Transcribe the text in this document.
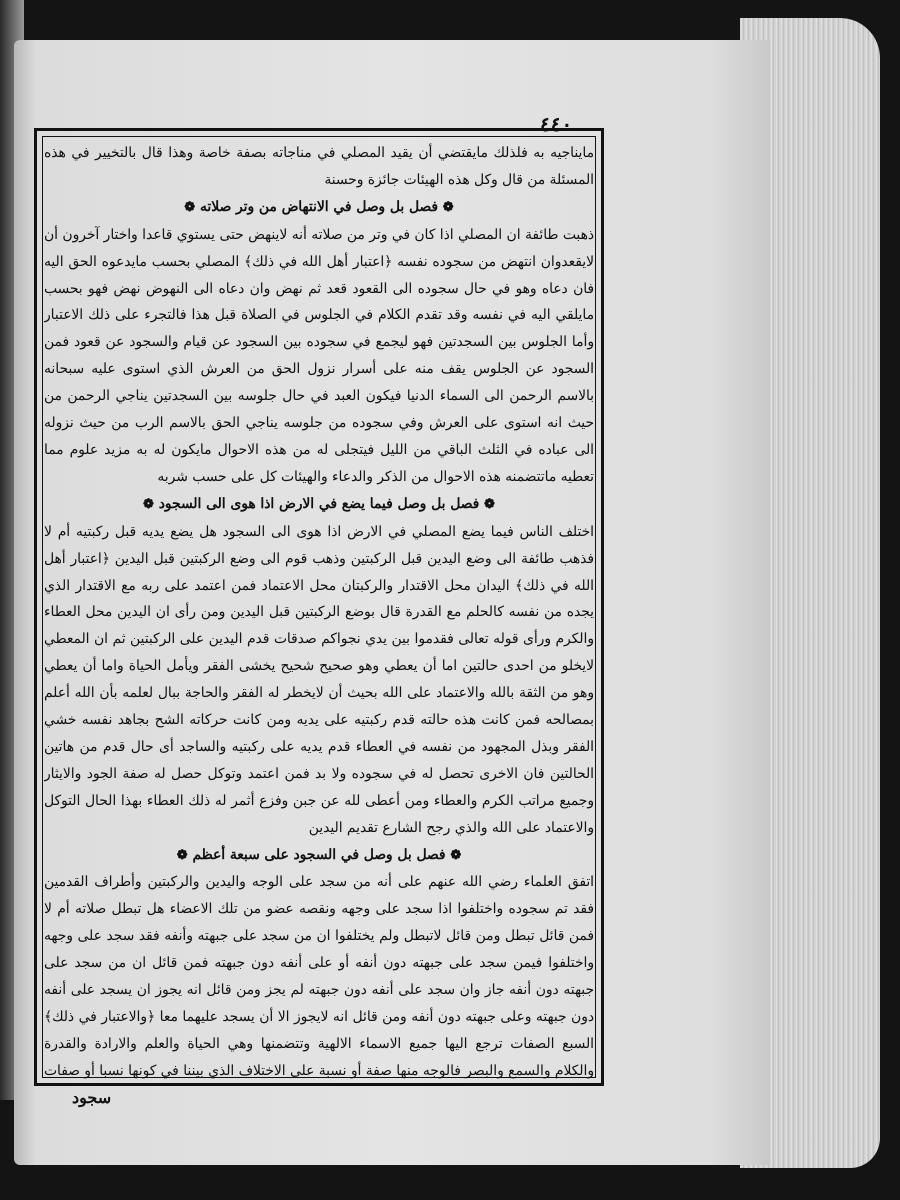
٤٤٠

مايناجيه به فلذلك مايقتضي أن يقيد المصلي في مناجاته بصفة خاصة وهذا قال بالتخيير في هذه المسئلة من قال وكل هذه الهيئات جائزة وحسنة

❁ فصل بل وصل في الانتهاض من وتر صلاته ❁

ذهبت طائفة ان المصلي اذا كان في وتر من صلاته أنه لاينهض حتى يستوي قاعدا واختار آخرون أن لايقعدوان انتهض من سجوده نفسه ﴿اعتبار أهل الله في ذلك﴾ المصلي بحسب مايدعوه الحق اليه فان دعاه وهو في حال سجوده الى القعود قعد ثم نهض وان دعاه الى النهوض نهض فهو بحسب مايلقي اليه في نفسه وقد تقدم الكلام في الجلوس في الصلاة قبل هذا فالتجرء على ذلك الاعتبار وأما الجلوس بين السجدتين فهو ليجمع في سجوده بين السجود عن قيام والسجود عن قعود فمن السجود عن الجلوس يقف منه على أسرار نزول الحق من العرش الذي استوى عليه سبحانه بالاسم الرحمن الى السماء الدنيا فيكون العبد في حال جلوسه بين السجدتين يناجي الرحمن من حيث انه استوى على العرش وفي سجوده من جلوسه يناجي الحق بالاسم الرب من حيث نزوله الى عباده في الثلث الباقي من الليل فيتجلى له من هذه الاحوال مايكون له به مزيد علوم مما تعطيه ماتتضمنه هذه الاحوال من الذكر والدعاء والهيئات كل على حسب شربه

❁ فصل بل وصل فيما يضع في الارض اذا هوى الى السجود ❁

اختلف الناس فيما يضع المصلي في الارض اذا هوى الى السجود هل يضع يديه قبل ركبتيه أم لا فذهب طائفة الى وضع اليدين قبل الركبتين وذهب قوم الى وضع الركبتين قبل اليدين ﴿اعتبار أهل الله في ذلك﴾ اليدان محل الاقتدار والركبتان محل الاعتماد فمن اعتمد على ربه مع الاقتدار الذي يجده من نفسه كالحلم مع القدرة قال بوضع الركبتين قبل اليدين ومن رأى ان اليدين محل العطاء والكرم ورأى قوله تعالى فقدموا بين يدي نجواكم صدقات قدم اليدين على الركبتين ثم ان المعطي لايخلو من احدى حالتين اما أن يعطي وهو صحيح شحيح يخشى الفقر ويأمل الحياة واما أن يعطي وهو من الثقة بالله والاعتماد على الله بحيث أن لايخطر له الفقر والحاجة ببال لعلمه بأن الله أعلم بمصالحه فمن كانت هذه حالته قدم ركبتيه على يديه ومن كانت حركاته الشح بجاهد نفسه خشي الفقر وبذل المجهود من نفسه في العطاء قدم يديه على ركبتيه والساجد أى حال قدم من هاتين الحالتين فان الاخرى تحصل له في سجوده ولا بد فمن اعتمد وتوكل حصل له صفة الجود والايثار وجميع مراتب الكرم والعطاء ومن أعطى لله عن جبن وفزع أثمر له ذلك العطاء بهذا الحال التوكل والاعتماد على الله والذي رجح الشارع تقديم اليدين

❁ فصل بل وصل في السجود على سبعة أعظم ❁

اتفق العلماء رضي الله عنهم على أنه من سجد على الوجه واليدين والركبتين وأطراف القدمين فقد تم سجوده واختلفوا اذا سجد على وجهه ونقصه عضو من تلك الاعضاء هل تبطل صلاته أم لا فمن قائل تبطل ومن قائل لاتبطل ولم يختلفوا ان من سجد على جبهته وأنفه فقد سجد على وجهه واختلفوا فيمن سجد على جبهته دون أنفه أو على أنفه دون جبهته فمن قائل ان من سجد على جبهته دون أنفه جاز وان سجد على أنفه دون جبهته لم يجز ومن قائل انه يجوز ان يسجد على أنفه دون جبهته وعلى جبهته دون أنفه ومن قائل انه لايجوز الا أن يسجد عليهما معا ﴿والاعتبار في ذلك﴾ السبع الصفات ترجع اليها جميع الاسماء الالهية وتتضمنها وهي الحياة والعلم والارادة والقدرة والكلام والسمع والبصر فالوجه منها صفة أو نسبة على الاختلاف الذي بيننا في كونها نسبا أو صفات

سجود
